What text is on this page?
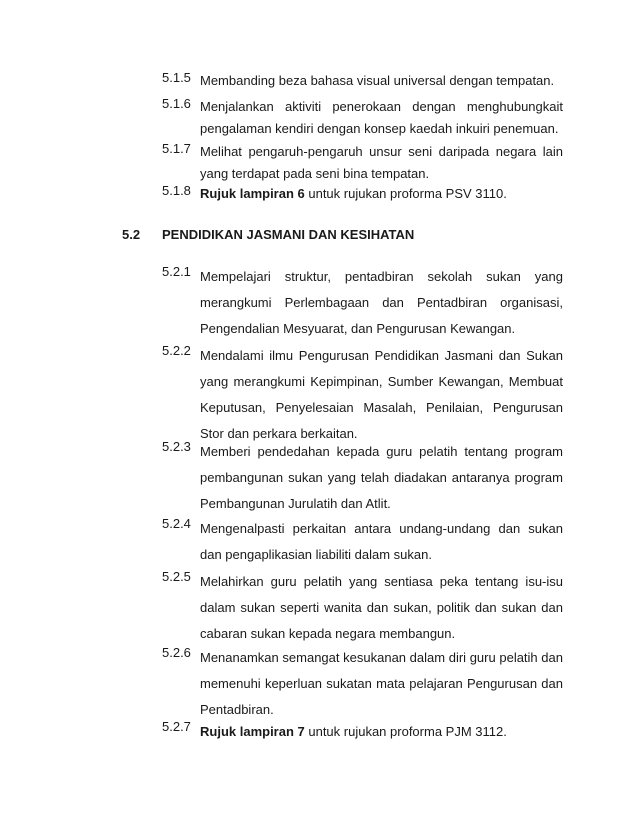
5.1.5 Membanding beza bahasa visual universal dengan tempatan.
5.1.6 Menjalankan aktiviti penerokaan dengan menghubungkait pengalaman kendiri dengan konsep kaedah inkuiri penemuan.
5.1.7 Melihat pengaruh-pengaruh unsur seni daripada negara lain yang terdapat pada seni bina tempatan.
5.1.8 Rujuk lampiran 6 untuk rujukan proforma PSV 3110.
5.2 PENDIDIKAN JASMANI DAN KESIHATAN
5.2.1 Mempelajari struktur, pentadbiran sekolah sukan yang merangkumi Perlembagaan dan Pentadbiran organisasi, Pengendalian Mesyuarat, dan Pengurusan Kewangan.
5.2.2 Mendalami ilmu Pengurusan Pendidikan Jasmani dan Sukan yang merangkumi Kepimpinan, Sumber Kewangan, Membuat Keputusan, Penyelesaian Masalah, Penilaian, Pengurusan Stor dan perkara berkaitan.
5.2.3 Memberi pendedahan kepada guru pelatih tentang program pembangunan sukan yang telah diadakan antaranya program Pembangunan Jurulatih dan Atlit.
5.2.4 Mengenalpasti perkaitan antara undang-undang dan sukan dan pengaplikasian liabiliti dalam sukan.
5.2.5 Melahirkan guru pelatih yang sentiasa peka tentang isu-isu dalam sukan seperti wanita dan sukan, politik dan sukan dan cabaran sukan kepada negara membangun.
5.2.6 Menanamkan semangat kesukanan dalam diri guru pelatih dan memenuhi keperluan sukatan mata pelajaran Pengurusan dan Pentadbiran.
5.2.7 Rujuk lampiran 7 untuk rujukan proforma PJM 3112.
